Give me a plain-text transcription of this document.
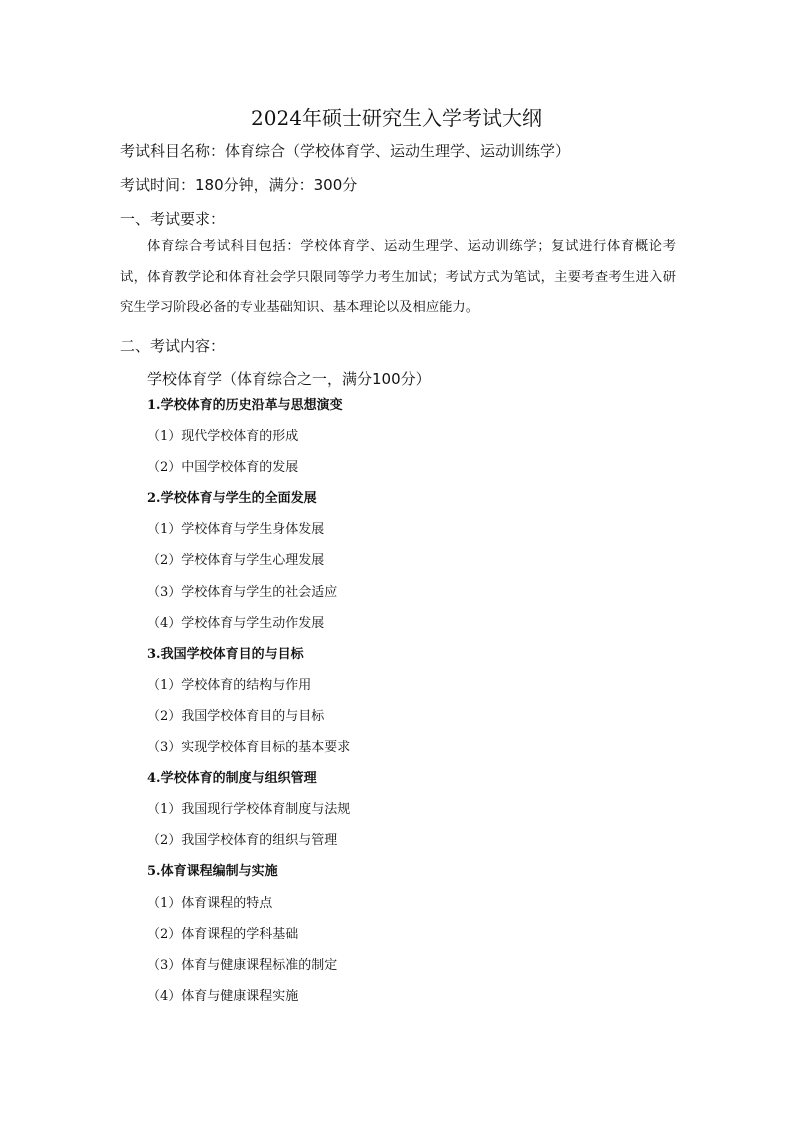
2024年硕士研究生入学考试大纲
考试科目名称：体育综合（学校体育学、运动生理学、运动训练学）
考试时间：180分钟，满分：300分
一、考试要求：
体育综合考试科目包括：学校体育学、运动生理学、运动训练学；复试进行体育概论考试，体育教学论和体育社会学只限同等学力考生加试；考试方式为笔试，主要考查考生进入研究生学习阶段必备的专业基础知识、基本理论以及相应能力。
二、考试内容：
学校体育学（体育综合之一，满分100分）
1.学校体育的历史沿革与思想演变
（1）现代学校体育的形成
（2）中国学校体育的发展
2.学校体育与学生的全面发展
（1）学校体育与学生身体发展
（2）学校体育与学生心理发展
（3）学校体育与学生的社会适应
（4）学校体育与学生动作发展
3.我国学校体育目的与目标
（1）学校体育的结构与作用
（2）我国学校体育目的与目标
（3）实现学校体育目标的基本要求
4.学校体育的制度与组织管理
（1）我国现行学校体育制度与法规
（2）我国学校体育的组织与管理
5.体育课程编制与实施
（1）体育课程的特点
（2）体育课程的学科基础
（3）体育与健康课程标准的制定
（4）体育与健康课程实施
